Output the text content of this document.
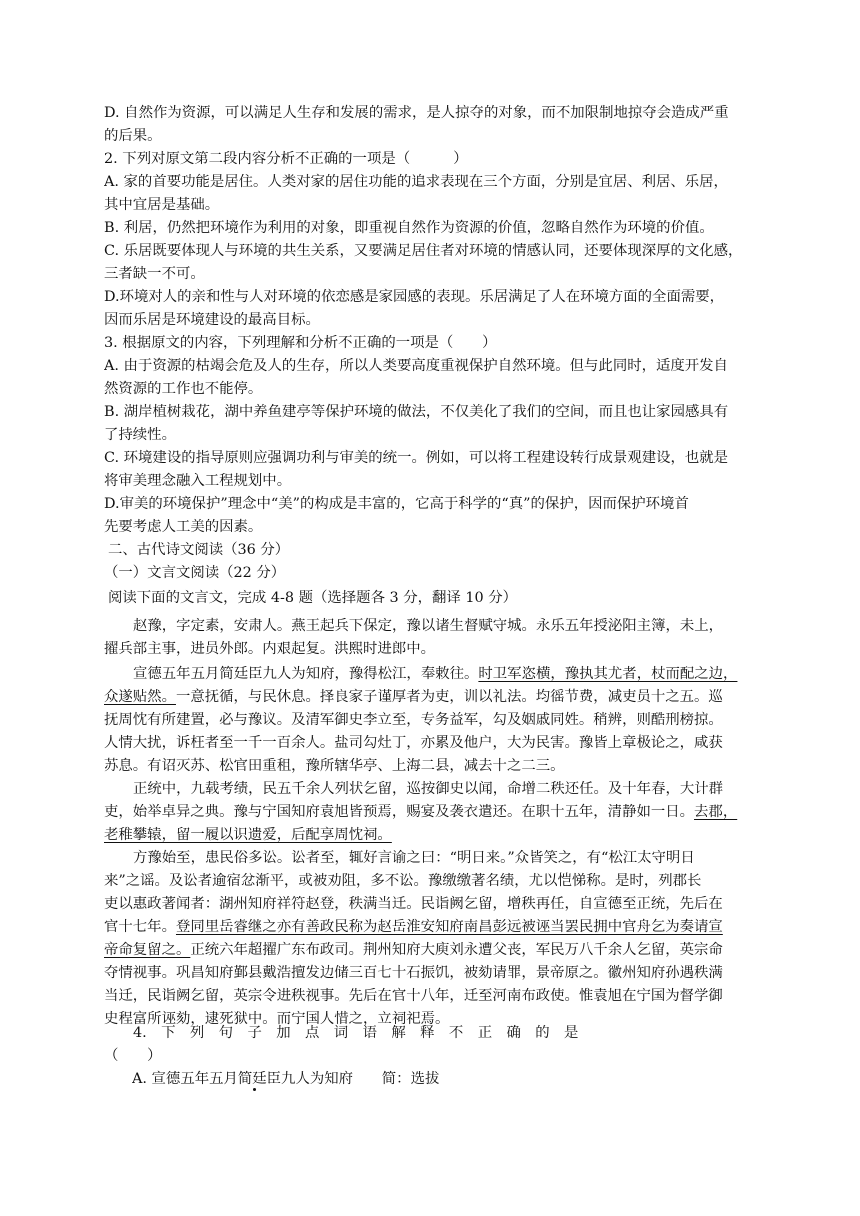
D. 自然作为资源，可以满足人生存和发展的需求，是人掠夺的对象，而不加限制地掠夺会造成严重
的后果。
2. 下列对原文第二段内容分析不正确的一项是（　　　）
A. 家的首要功能是居住。人类对家的居住功能的追求表现在三个方面，分别是宜居、利居、乐居，
其中宜居是基础。
B. 利居，仍然把环境作为利用的对象，即重视自然作为资源的价值，忽略自然作为环境的价值。
C. 乐居既要体现人与环境的共生关系，又要满足居住者对环境的情感认同，还要体现深厚的文化感，
三者缺一不可。
D.环境对人的亲和性与人对环境的依恋感是家园感的表现。乐居满足了人在环境方面的全面需要，
因而乐居是环境建设的最高目标。
3. 根据原文的内容，下列理解和分析不正确的一项是（　　）
A. 由于资源的枯竭会危及人的生存，所以人类要高度重视保护自然环境。但与此同时，适度开发自
然资源的工作也不能停。
B. 湖岸植树栽花，湖中养鱼建亭等保护环境的做法，不仅美化了我们的空间，而且也让家园感具有
了持续性。
C. 环境建设的指导原则应强调功利与审美的统一。例如，可以将工程建设转行成景观建设，也就是
将审美理念融入工程规划中。
D.审美的环境保护”理念中“美”的构成是丰富的，它高于科学的“真”的保护，因而保护环境首
先要考虑人工美的因素。
二、古代诗文阅读（36 分）
（一）文言文阅读（22 分）
阅读下面的文言文，完成 4-8 题（选择题各 3 分，翻译 10 分）
赵豫，字定素，安肃人。燕王起兵下保定，豫以诸生督赋守城。永乐五年授泌阳主簿，未上，
擢兵部主事，进员外郎。内艰起复。洪熙时进郎中。
宣德五年五月简廷臣九人为知府，豫得松江，奉敕往。时卫军恣横，豫执其尤者，杖而配之边，
众遂贴然。一意抚循，与民休息。择良家子谨厚者为吏，训以礼法。均徭节费，减吏员十之五。巡
抚周忱有所建置，必与豫议。及清军御史李立至，专务益军，勾及姻戚同姓。稍辨，则酷刑榜掠。
人情大扰，诉枉者至一千一百余人。盐司勾灶丁，亦累及他户，大为民害。豫皆上章极论之，咸获
苏息。有诏灭苏、松官田重租，豫所辖华亭、上海二县，减去十之二三。
正统中，九载考绩，民五千余人列状乞留，巡按御史以闻，命增二秩还任。及十年春，大计群
吏，始举卓异之典。豫与宁国知府袁旭皆预焉，赐宴及袭衣遣还。在职十五年，清静如一日。去郡，
老稚攀辕，留一履以识遗爱，后配享周忱祠。
方豫始至，患民俗多讼。讼者至，辄好言谕之曰：“明日来。”众皆笑之，有“松江太守明日
来”之谣。及讼者逾宿忿渐平，或被劝阻，多不讼。豫缴缴著名绩，尤以恺悌称。是时，列郡长
吏以惠政著闻者：湖州知府祥符赵登，秩满当迁。民诣阙乞留，增秩再任，自宣德至正统，先后在
官十七年。登同里岳睿继之亦有善政民称为赵岳淮安知府南昌彭远被诬当罢民拥中官舟乞为奏请宣
帝命复留之。正统六年超擢广东布政司。荆州知府大庾刘永遭父丧，军民万八千余人乞留，英宗命
夺情视事。巩昌知府鄞县戴浩擅发边储三百七十石振饥，被劾请罪，景帝原之。徽州知府孙遇秩满
当迁，民诣阙乞留，英宗令进秩视事。先后在官十八年，迁至河南布政使。惟袁旭在宁国为督学御
史程富所诬劾，逮死狱中。而宁国人惜之，立祠祀焉。
4.　下　列　句　子　加　点　词　语　解　释　不　正　确　的　是
（　　）
A. 宣德五年五月简廷臣九人为知府　　简：选拔
